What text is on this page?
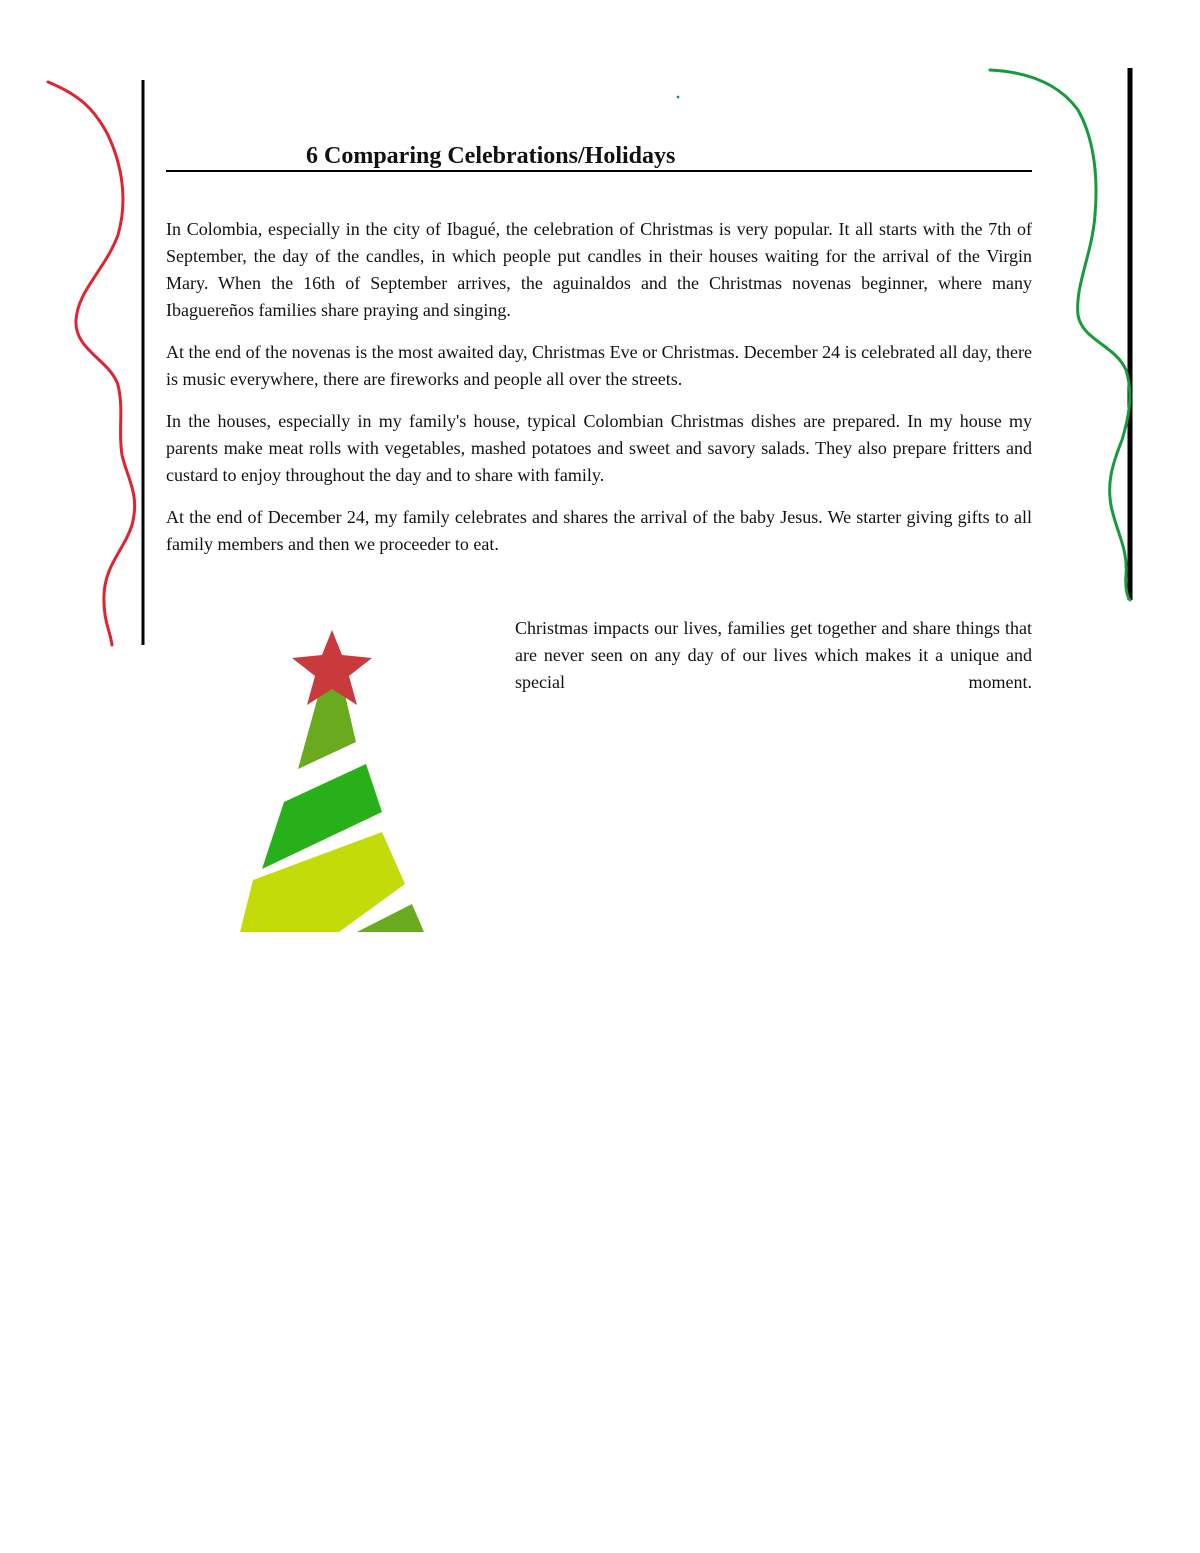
6 Comparing Celebrations/Holidays

In Colombia, especially in the city of Ibagué, the celebration of Christmas is very popular. It all starts with the 7th of September, the day of the candles, in which people put candles in their houses waiting for the arrival of the Virgin Mary. When the 16th of September arrives, the aguinaldos and the Christmas novenas beginner, where many Ibaguereños families share praying and singing.

At the end of the novenas is the most awaited day, Christmas Eve or Christmas. December 24 is celebrated all day, there is music everywhere, there are fireworks and people all over the streets.

In the houses, especially in my family's house, typical Colombian Christmas dishes are prepared. In my house my parents make meat rolls with vegetables, mashed potatoes and sweet and savory salads. They also prepare fritters and custard to enjoy throughout the day and to share with family.

At the end of December 24, my family celebrates and shares the arrival of the baby Jesus. We starter giving gifts to all family members and then we proceeder to eat.

Christmas impacts our lives, families get together and share things that are never seen on any day of our lives which makes it a unique and special moment.
